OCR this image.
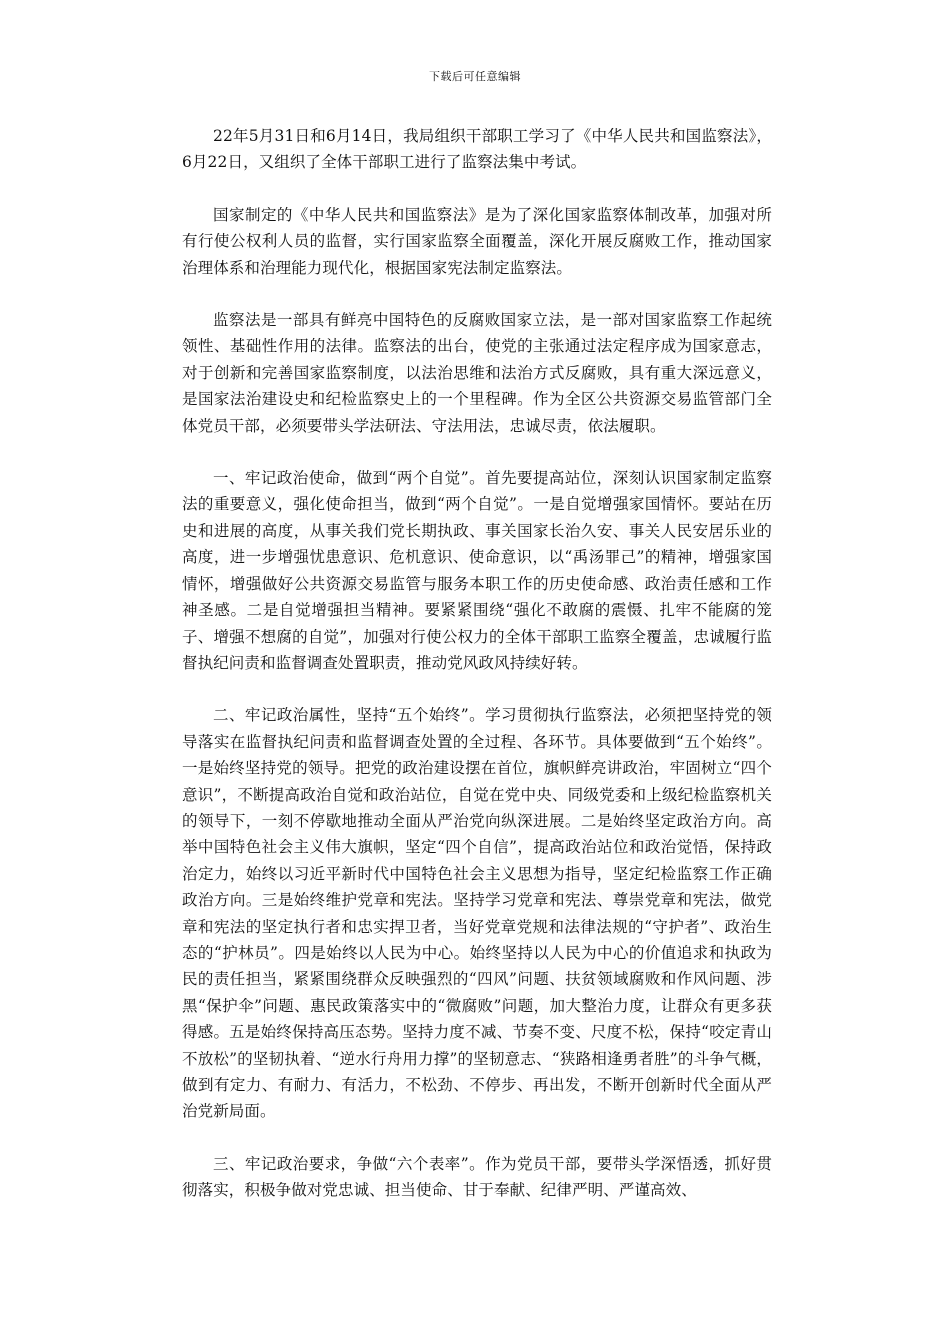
下载后可任意编辑

22年5月31日和6月14日，我局组织干部职工学习了《中华人民共和国监察法》，6月22日，又组织了全体干部职工进行了监察法集中考试。

国家制定的《中华人民共和国监察法》是为了深化国家监察体制改革，加强对所有行使公权利人员的监督，实行国家监察全面覆盖，深化开展反腐败工作，推动国家治理体系和治理能力现代化，根据国家宪法制定监察法。

监察法是一部具有鲜亮中国特色的反腐败国家立法，是一部对国家监察工作起统领性、基础性作用的法律。监察法的出台，使党的主张通过法定程序成为国家意志，对于创新和完善国家监察制度，以法治思维和法治方式反腐败，具有重大深远意义，是国家法治建设史和纪检监察史上的一个里程碑。作为全区公共资源交易监管部门全体党员干部，必须要带头学法研法、守法用法，忠诚尽责，依法履职。

一、牢记政治使命，做到“两个自觉”。首先要提高站位，深刻认识国家制定监察法的重要意义，强化使命担当，做到“两个自觉”。一是自觉增强家国情怀。要站在历史和进展的高度，从事关我们党长期执政、事关国家长治久安、事关人民安居乐业的高度，进一步增强忧患意识、危机意识、使命意识，以“禹汤罪己”的精神，增强家国情怀，增强做好公共资源交易监管与服务本职工作的历史使命感、政治责任感和工作神圣感。二是自觉增强担当精神。要紧紧围绕“强化不敢腐的震慑、扎牢不能腐的笼子、增强不想腐的自觉”，加强对行使公权力的全体干部职工监察全覆盖，忠诚履行监督执纪问责和监督调查处置职责，推动党风政风持续好转。

二、牢记政治属性，坚持“五个始终”。学习贯彻执行监察法，必须把坚持党的领导落实在监督执纪问责和监督调查处置的全过程、各环节。具体要做到“五个始终”。一是始终坚持党的领导。把党的政治建设摆在首位，旗帜鲜亮讲政治，牢固树立“四个意识”，不断提高政治自觉和政治站位，自觉在党中央、同级党委和上级纪检监察机关的领导下，一刻不停歇地推动全面从严治党向纵深进展。二是始终坚定政治方向。高举中国特色社会主义伟大旗帜，坚定“四个自信”，提高政治站位和政治觉悟，保持政治定力，始终以习近平新时代中国特色社会主义思想为指导，坚定纪检监察工作正确政治方向。三是始终维护党章和宪法。坚持学习党章和宪法、尊崇党章和宪法，做党章和宪法的坚定执行者和忠实捍卫者，当好党章党规和法律法规的“守护者”、政治生态的“护林员”。四是始终以人民为中心。始终坚持以人民为中心的价值追求和执政为民的责任担当，紧紧围绕群众反映强烈的“四风”问题、扶贫领域腐败和作风问题、涉黑“保护伞”问题、惠民政策落实中的“微腐败”问题，加大整治力度，让群众有更多获得感。五是始终保持高压态势。坚持力度不减、节奏不变、尺度不松，保持“咬定青山不放松”的坚韧执着、“逆水行舟用力撑”的坚韧意志、“狭路相逢勇者胜”的斗争气概，做到有定力、有耐力、有活力，不松劲、不停步、再出发，不断开创新时代全面从严治党新局面。

三、牢记政治要求，争做“六个表率”。作为党员干部，要带头学深悟透，抓好贯彻落实，积极争做对党忠诚、担当使命、甘于奉献、纪律严明、严谨高效、
